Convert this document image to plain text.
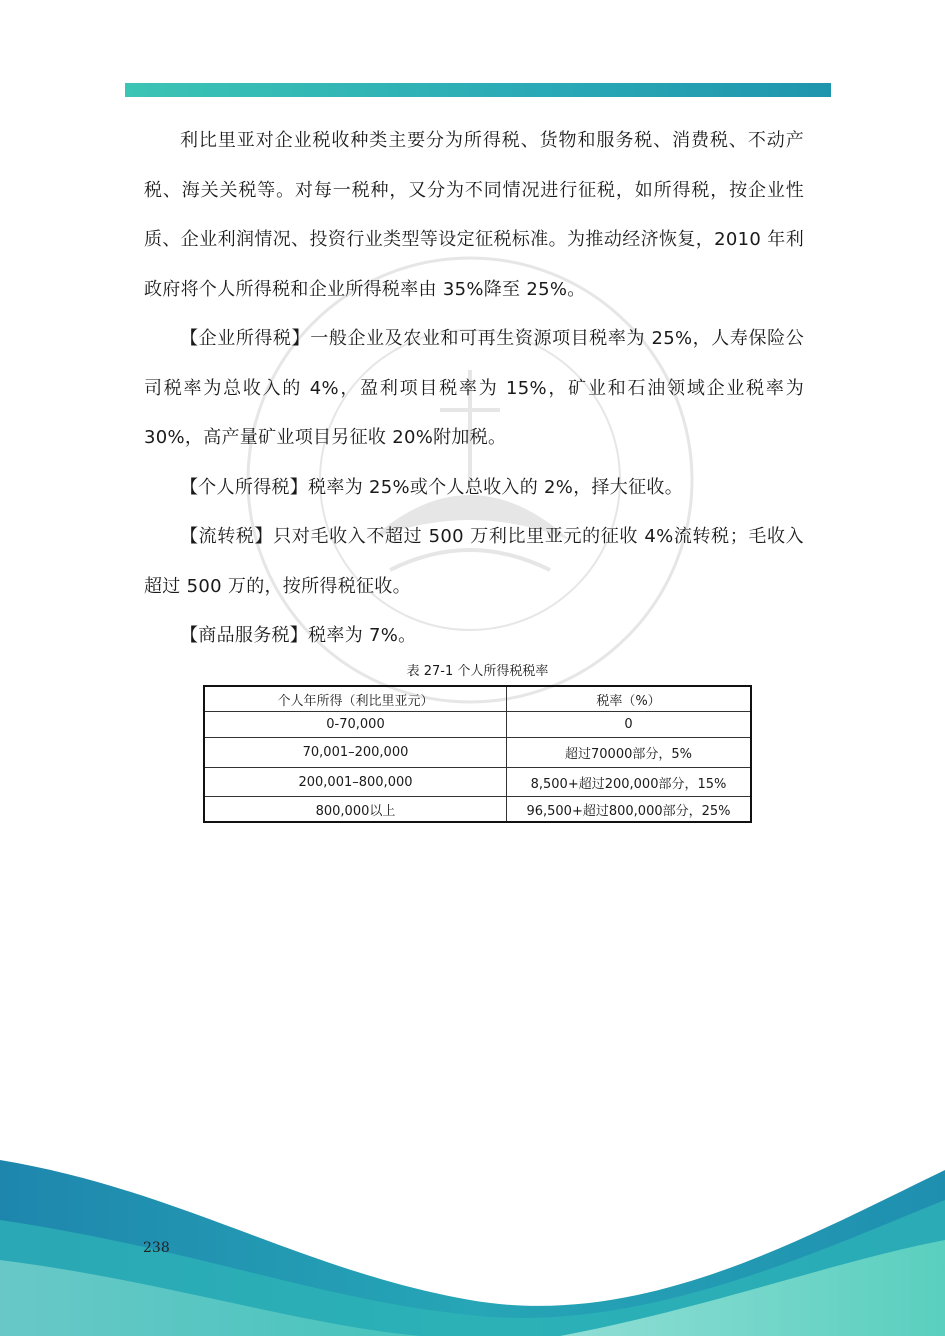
利比里亚对企业税收种类主要分为所得税、货物和服务税、消费税、不动产税、海关关税等。对每一税种，又分为不同情况进行征税，如所得税，按企业性质、企业利润情况、投资行业类型等设定征税标准。为推动经济恢复，2010 年利政府将个人所得税和企业所得税率由 35%降至 25%。

【企业所得税】一般企业及农业和可再生资源项目税率为 25%，人寿保险公司税率为总收入的 4%，盈利项目税率为 15%，矿业和石油领域企业税率为 30%，高产量矿业项目另征收 20%附加税。

【个人所得税】税率为 25%或个人总收入的 2%，择大征收。

【流转税】只对毛收入不超过 500 万利比里亚元的征收 4%流转税；毛收入超过 500 万的，按所得税征收。

【商品服务税】税率为 7%。

表 27-1 个人所得税税率
个人年所得（利比里亚元）	税率（%）
0-70,000	0
70,001–200,000	超过70000部分，5%
200,001–800,000	8,500+超过200,000部分，15%
800,000以上	96,500+超过800,000部分，25%
238
